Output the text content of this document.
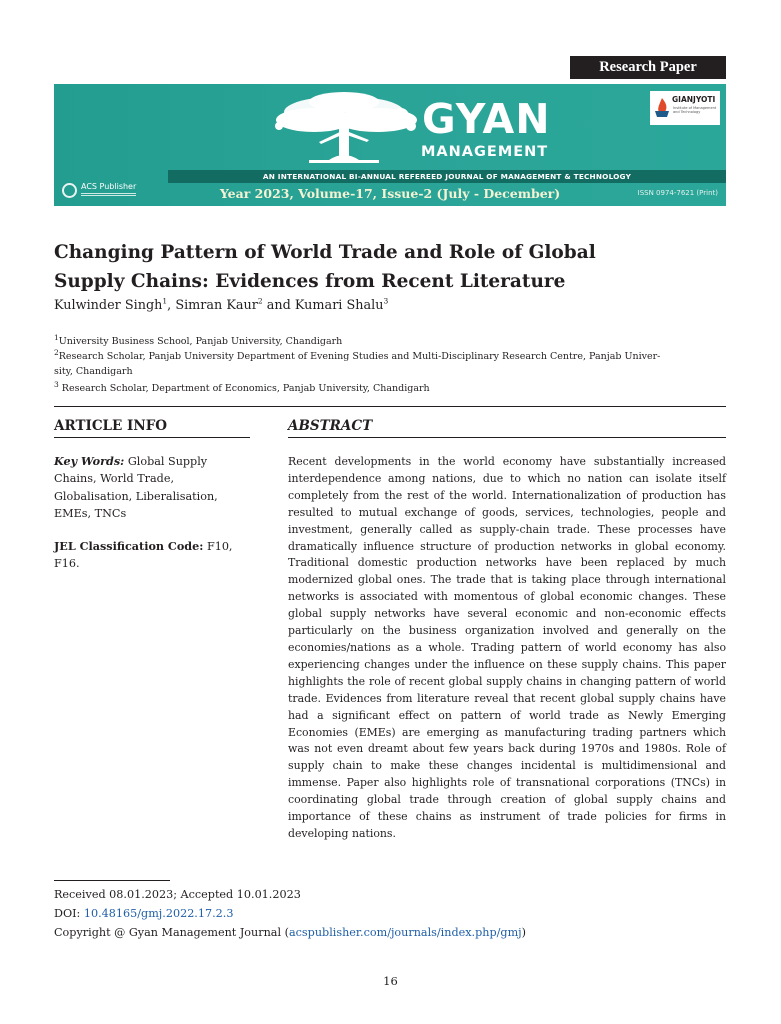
Research Paper
GYAN
MANAGEMENT
GIANJYOTI
Institute of Management and Technology
AN INTERNATIONAL BI-ANNUAL REFEREED JOURNAL OF MANAGEMENT & TECHNOLOGY
Year 2023, Volume-17, Issue-2 (July - December)	ISSN 0974-7621 (Print)
ACS Publisher
Changing Pattern of World Trade and Role of Global
Supply Chains: Evidences from Recent Literature
Kulwinder Singh$^1$, Simran Kaur$^2$ and Kumari Shalu$^3$
$^1$University Business School, Panjab University, Chandigarh
$^2$Research Scholar, Panjab University Department of Evening Studies and Multi-Disciplinary Research Centre, Panjab Univer-
sity, Chandigarh
$^3$ Research Scholar, Department of Economics, Panjab University, Chandigarh
ARTICLE INFO	ABSTRACT
Key Words: Global Supply
Chains, World Trade,
Globalisation, Liberalisation,
EMEs, TNCs
JEL Classification Code: F10,
F16.
Recent developments in the world economy have substantially increased interdependence among nations, due to which no nation can isolate itself completely from the rest of the world. Internationalization of production has resulted to mutual exchange of goods, services, technologies, people and investment, generally called as supply-chain trade. These processes have dramatically influence structure of production networks in global economy. Traditional domestic production networks have been replaced by much modernized global ones. The trade that is taking place through international networks is associated with momentous of global economic changes. These global supply networks have several economic and non-economic effects particularly on the business organization involved and generally on the economies/nations as a whole. Trading pattern of world economy has also experiencing changes under the influence on these supply chains. This paper highlights the role of recent global supply chains in changing pattern of world trade. Evidences from literature reveal that recent global supply chains have had a significant effect on pattern of world trade as Newly Emerging Economies (EMEs) are emerging as manufacturing trading partners which was not even dreamt about few years back during 1970s and 1980s. Role of supply chain to make these changes incidental is multidimensional and immense. Paper also highlights role of transnational corporations (TNCs) in coordinating global trade through creation of global supply chains and importance of these chains as instrument of trade policies for firms in developing nations.
Received 08.01.2023; Accepted 10.01.2023
DOI: 10.48165/gmj.2022.17.2.3
Copyright @ Gyan Management Journal (acspublisher.com/journals/index.php/gmj)
16
